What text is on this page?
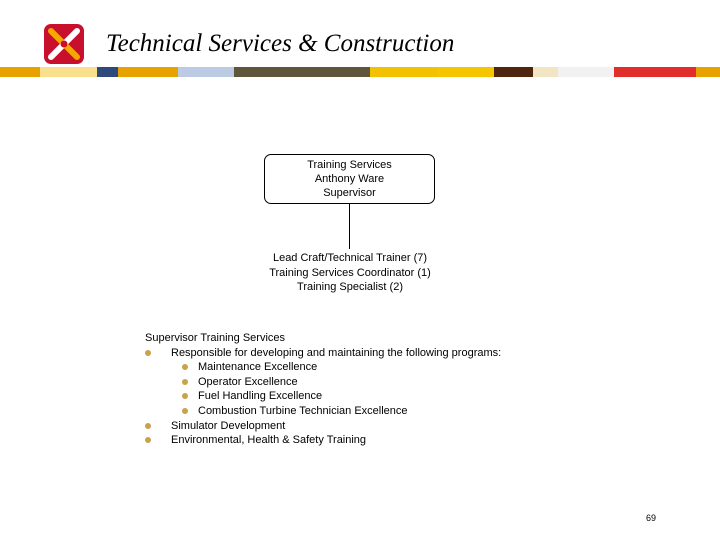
Technical Services & Construction
Training Services
Anthony Ware
Supervisor
Lead Craft/Technical Trainer (7)
Training Services Coordinator (1)
Training Specialist (2)
Supervisor Training Services
Responsible for developing and maintaining the following programs:
Maintenance Excellence
Operator Excellence
Fuel Handling Excellence
Combustion Turbine Technician Excellence
Simulator Development
Environmental, Health & Safety Training
69
